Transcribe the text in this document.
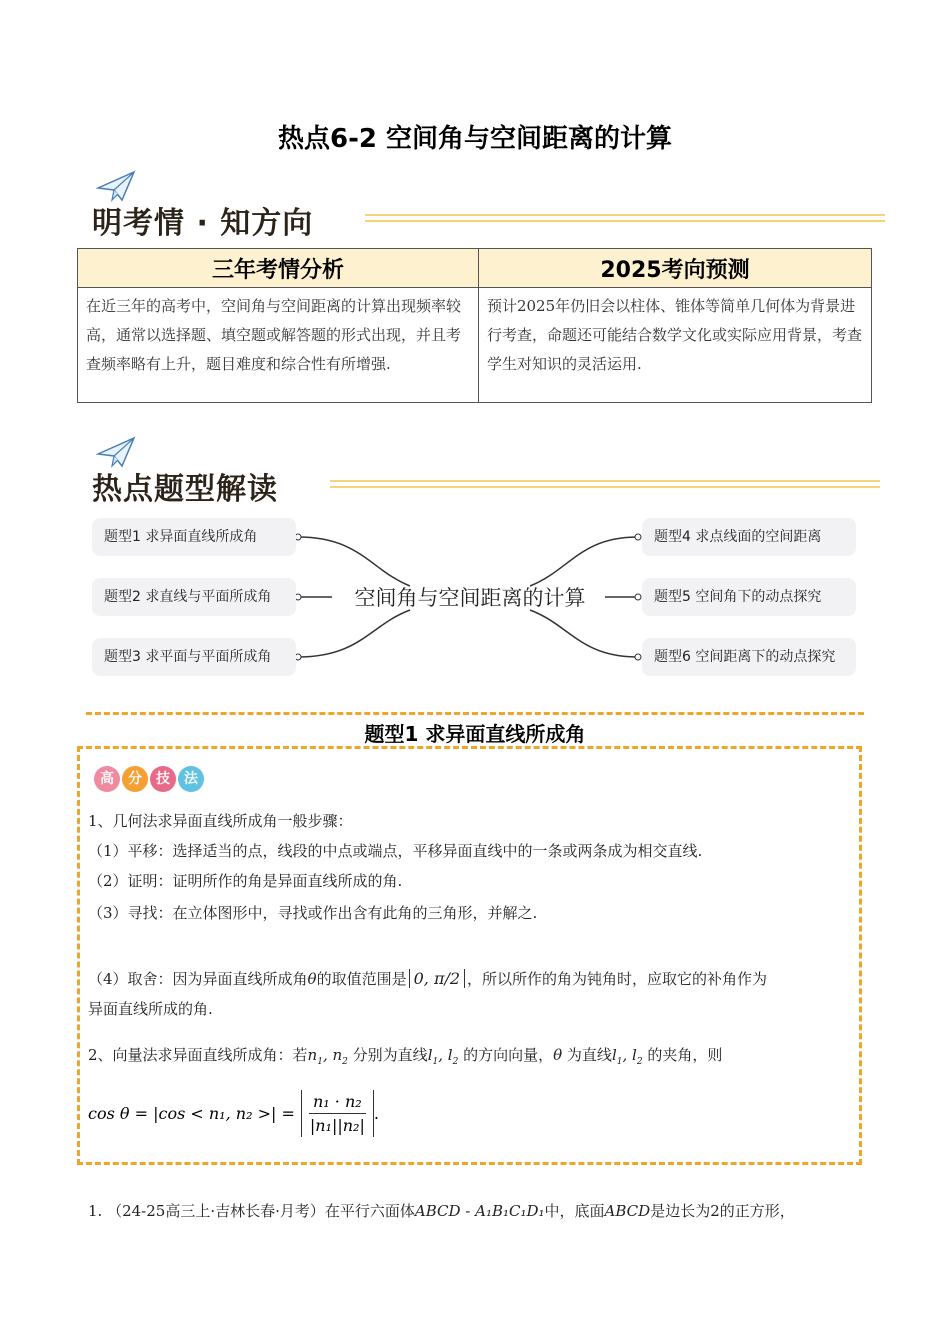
热点6-2 空间角与空间距离的计算
明考情 · 知方向
三年考情分析	2025考向预测
在近三年的高考中，空间角与空间距离的计算出现频率较高，通常以选择题、填空题或解答题的形式出现，并且考查频率略有上升，题目难度和综合性有所增强.	预计2025年仍旧会以柱体、锥体等简单几何体为背景进行考查，命题还可能结合数学文化或实际应用背景，考查学生对知识的灵活运用.
热点题型解读
题型1 求异面直线所成角
题型2 求直线与平面所成角
题型3 求平面与平面所成角
空间角与空间距离的计算
题型4 求点线面的空间距离
题型5 空间角下的动点探究
题型6 空间距离下的动点探究
题型1 求异面直线所成角
高 分 技 法
1、几何法求异面直线所成角一般步骤：
（1）平移：选择适当的点，线段的中点或端点，平移异面直线中的一条或两条成为相交直线.
（2）证明：证明所作的角是异面直线所成的角.
（3）寻找：在立体图形中，寻找或作出含有此角的三角形，并解之.
（4）取舍：因为异面直线所成角θ的取值范围是 0, π/2 ，所以所作的角为钝角时，应取它的补角作为
异面直线所成的角.
2、向量法求异面直线所成角：若$n_1$, $n_2$ 分别为直线$l_1$, $l_2$ 的方向向量，θ 为直线$l_1$, $l_2$ 的夹角，则
cos θ = |cos < n₁, n₂ >| = $\frac{\text{n₁ · n₂}}{\text{|n₁||n₂|}}$ .
1. （24-25高三上·吉林长春·月考）在平行六面体ABCD - A₁B₁C₁D₁中，底面ABCD是边长为2的正方形，
